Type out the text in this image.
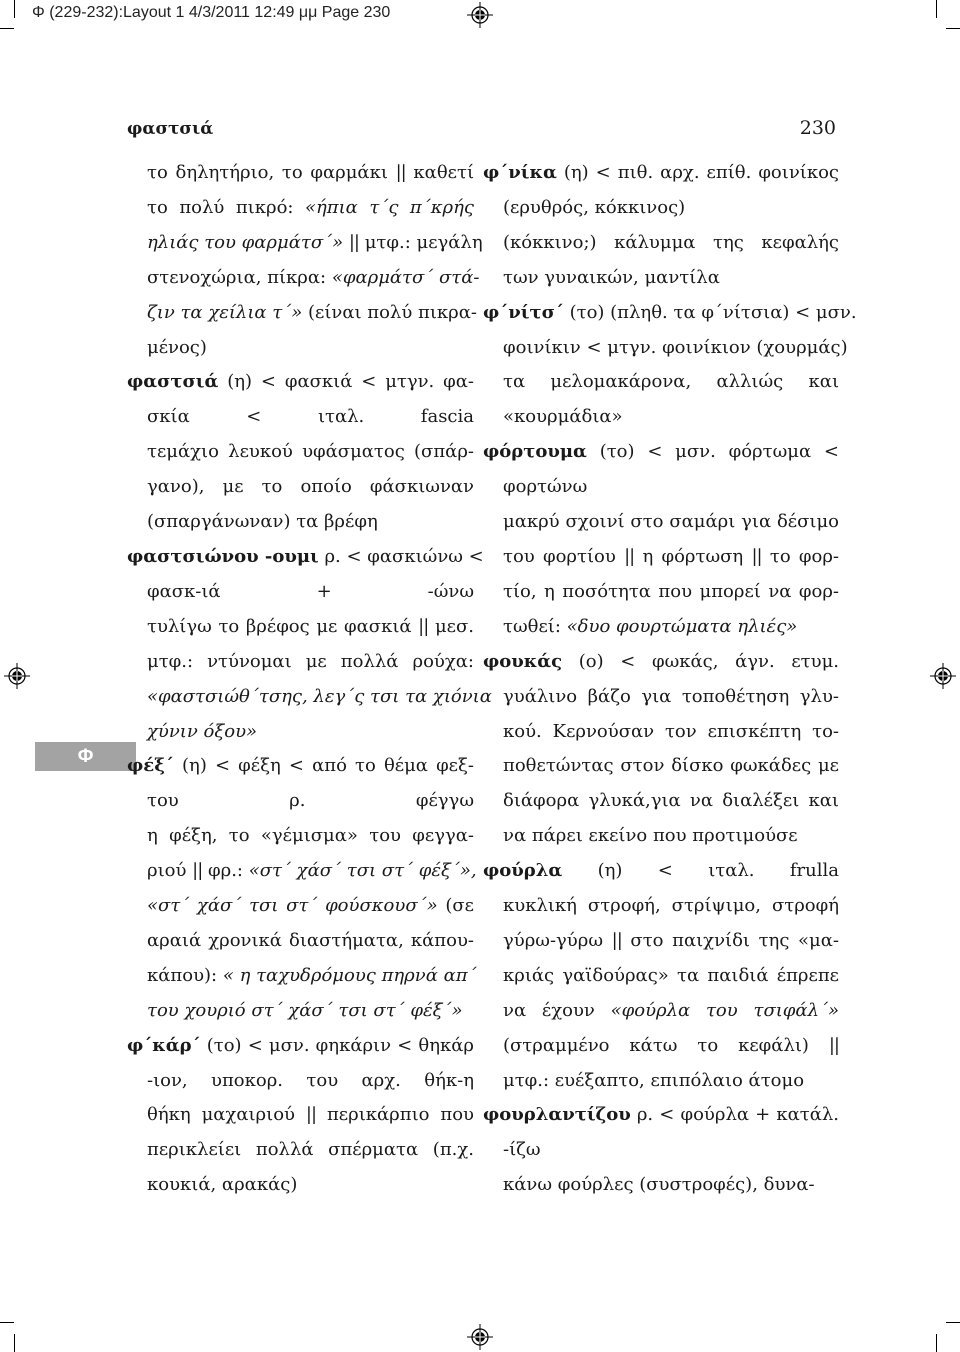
Φ (229-232):Layout 1 4/3/2011 12:49 μμ Page 230
φαστσιά	230
Φ
το δηλητήριο, το φαρμάκι || καθετί
το πολύ πικρό: «ήπια τ΄ς π΄κρής
ηλιάς του φαρμάτσ΄» || μτφ.: μεγάλη
στενοχώρια, πίκρα: «φαρμάτσ΄ στά-
ζιν τα χείλια τ΄» (είναι πολύ πικρα-
μένος)
φαστσιά (η) < φασκιά < μτγν. φα-
σκία < ιταλ. fascia
τεμάχιο λευκού υφάσματος (σπάρ-
γανο), με το οποίο φάσκιωναν
(σπαργάνωναν) τα βρέφη
φαστσιώνου -ουμι ρ. < φασκιώνω <
φασκ-ιά + -ώνω
τυλίγω το βρέφος με φασκιά || μεσ.
μτφ.: ντύνομαι με πολλά ρούχα:
«φαστσιώθ΄τσης, λεγ΄ς τσι τα χιόνια
χύνιν όξου»
φέξ΄ (η) < φέξη < από το θέμα φεξ-
του ρ. φέγγω
η φέξη, το «γέμισμα» του φεγγα-
ριού || φρ.: «στ΄ χάσ΄ τσι στ΄ φέξ΄»,
«στ΄ χάσ΄ τσι στ΄ φούσκουσ΄» (σε
αραιά χρονικά διαστήματα, κάπου-
κάπου): « η ταχυδρόμους πηρνά απ΄
του χουριό στ΄ χάσ΄ τσι στ΄ φέξ΄»
φ΄κάρ΄ (το) < μσν. φηκάριν < θηκάρ
-ιον, υποκορ. του αρχ. θήκ-η
θήκη μαχαιριού || περικάρπιο που
περικλείει πολλά σπέρματα (π.χ.
κουκιά, αρακάς)
φ΄νίκα (η) < πιθ. αρχ. επίθ. φοινίκος
(ερυθρός, κόκκινος)
(κόκκινο;) κάλυμμα της κεφαλής
των γυναικών, μαντίλα
φ΄νίτσ΄ (το) (πληθ. τα φ΄νίτσια) < μσν.
φοινίκιν < μτγν. φοινίκιον (χουρμάς)
τα μελομακάρονα, αλλιώς και
«κουρμάδια»
φόρτουμα (το) < μσν. φόρτωμα <
φορτώνω
μακρύ σχοινί στο σαμάρι για δέσιμο
του φορτίου || η φόρτωση || το φορ-
τίο, η ποσότητα που μπορεί να φορ-
τωθεί: «δυο φουρτώματα ηλιές»
φουκάς (ο) < φωκάς, άγν. ετυμ.
γυάλινο βάζο για τοποθέτηση γλυ-
κού. Κερνούσαν τον επισκέπτη το-
ποθετώντας στον δίσκο φωκάδες με
διάφορα γλυκά,για να διαλέξει και
να πάρει εκείνο που προτιμούσε
φούρλα (η) < ιταλ. frulla
κυκλική στροφή, στρίψιμο, στροφή
γύρω-γύρω || στο παιχνίδι της «μα-
κριάς γαϊδούρας» τα παιδιά έπρεπε
να έχουν «φούρλα του τσιφάλ΄»
(στραμμένο κάτω το κεφάλι) ||
μτφ.: ευέξαπτο, επιπόλαιο άτομο
φουρλαντίζου ρ. < φούρλα + κατάλ.
-ίζω
κάνω φούρλες (συστροφές), δυνα-
